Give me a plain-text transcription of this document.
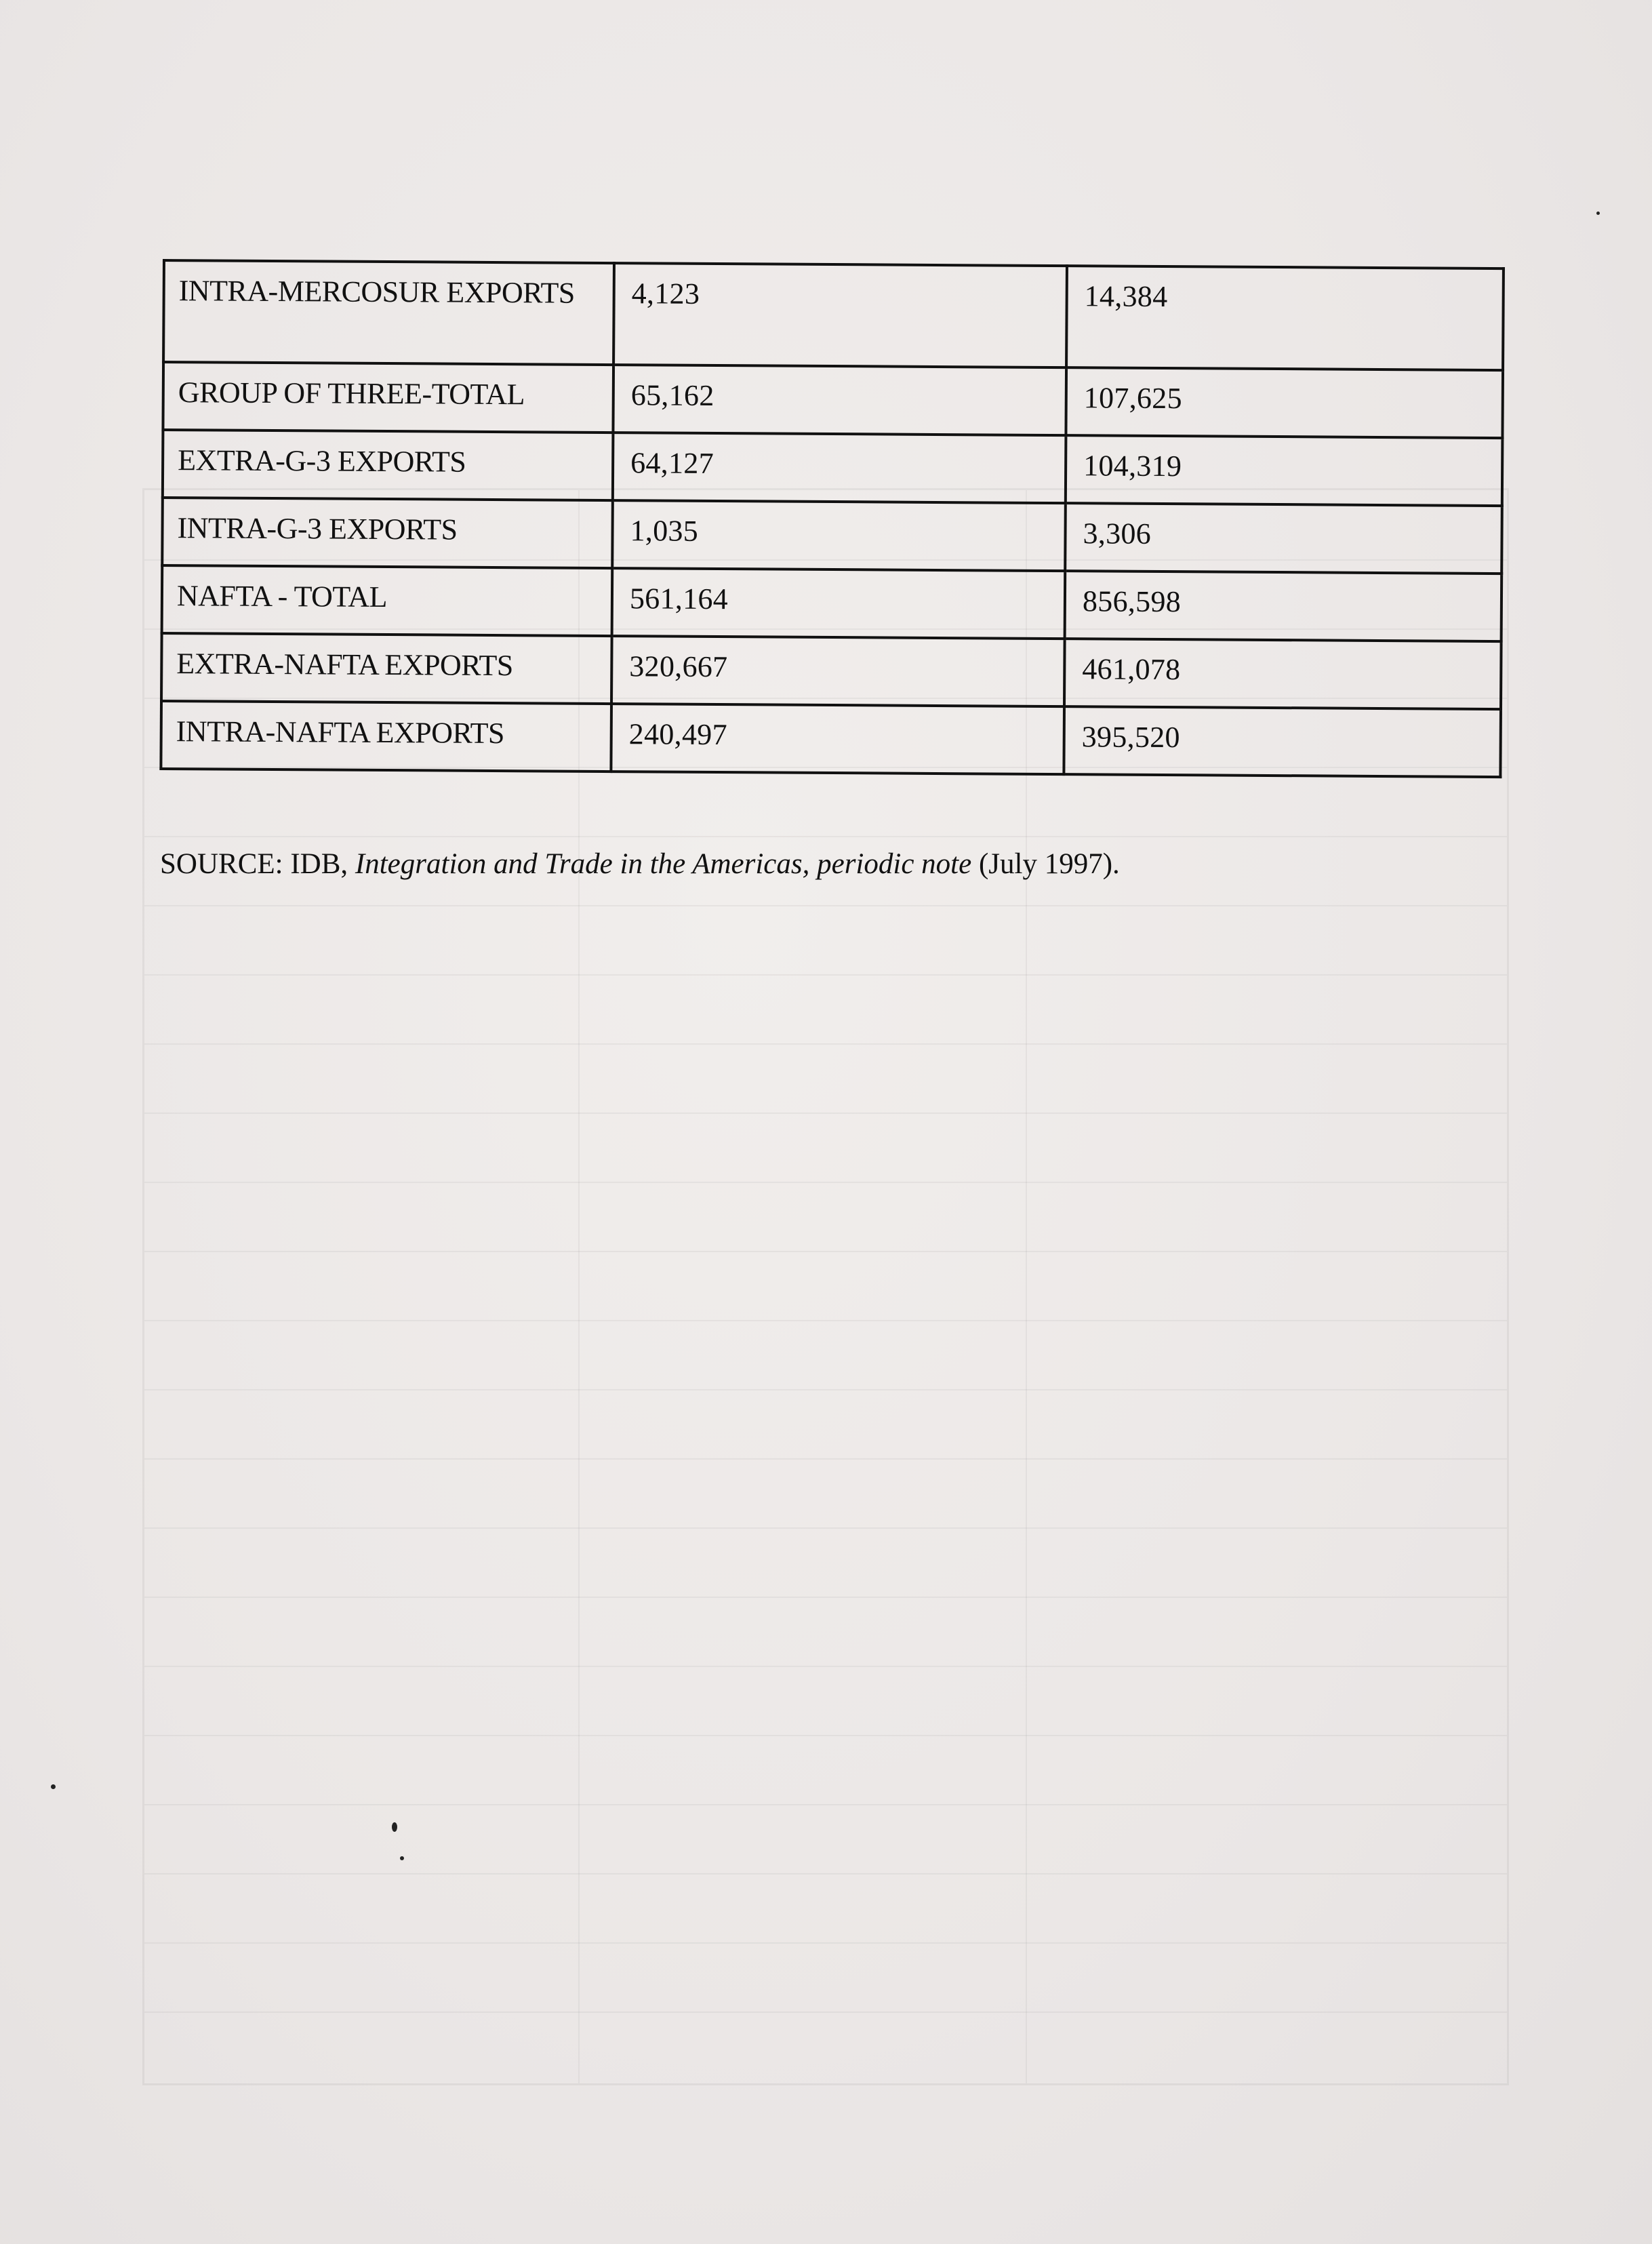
INTRA-MERCOSUR EXPORTS	4,123	14,384
GROUP OF THREE-TOTAL	65,162	107,625
EXTRA-G-3 EXPORTS	64,127	104,319
INTRA-G-3 EXPORTS	1,035	3,306
NAFTA - TOTAL	561,164	856,598
EXTRA-NAFTA EXPORTS	320,667	461,078
INTRA-NAFTA EXPORTS	240,497	395,520
SOURCE: IDB, Integration and Trade in the Americas, periodic note (July 1997).
